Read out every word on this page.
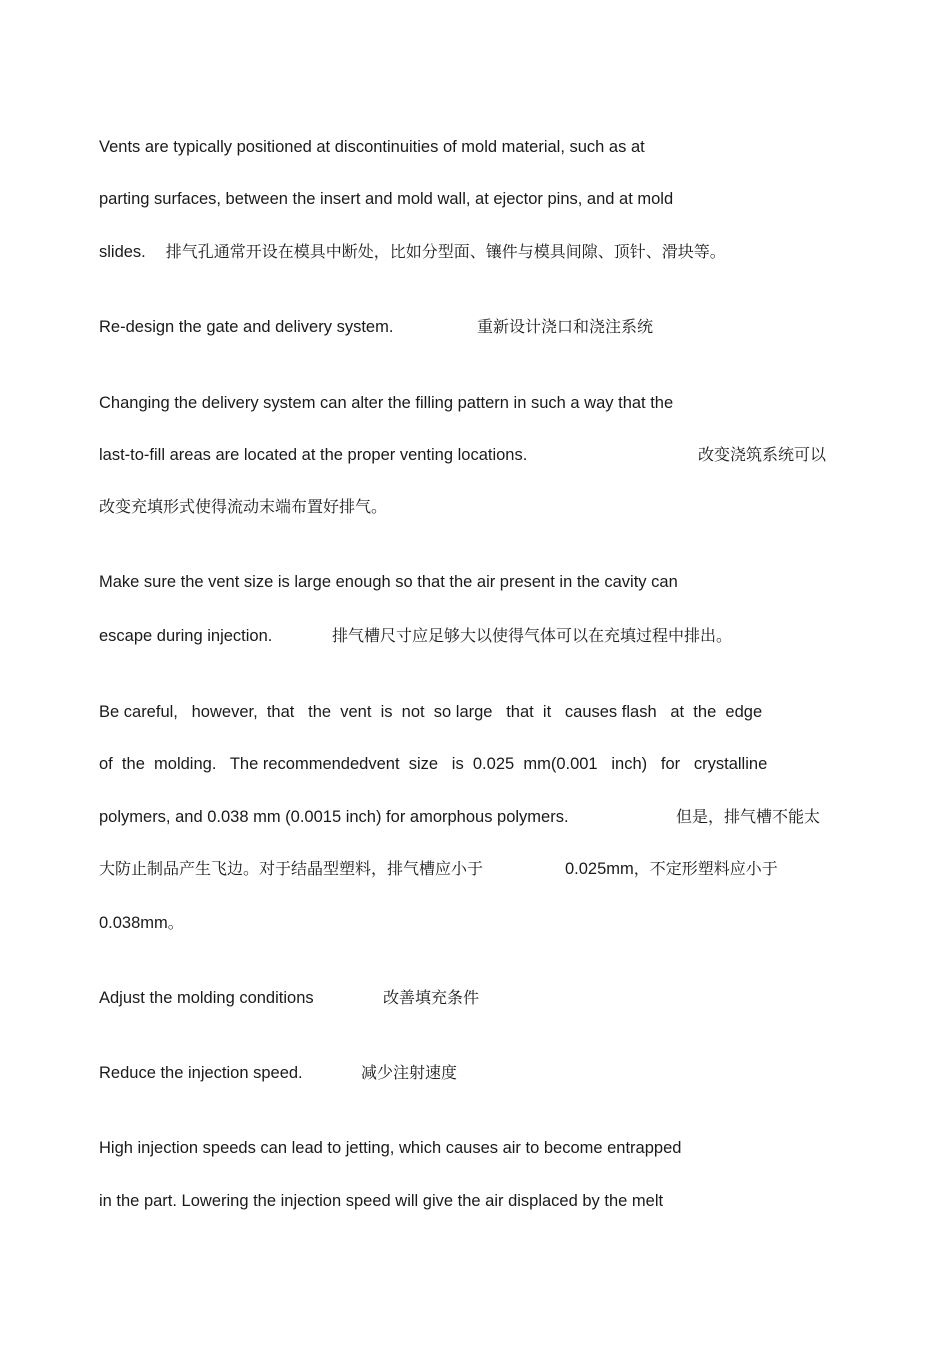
Vents are typically positioned at discontinuities of mold material, such as at
parting surfaces, between the insert and mold wall, at ejector pins, and at mold
slides. 排气孔通常开设在模具中断处，比如分型面、镶件与模具间隙、顶针、滑块等。
Re-design the gate and delivery system.	重新设计浇口和浇注系统
Changing the delivery system can alter the filling pattern in such a way that the
last-to-fill areas are located at the proper venting locations.	改变浇筑系统可以
改变充填形式使得流动末端布置好排气。
Make sure the vent size is large enough so that the air present in the cavity can
escape during injection.	排气槽尺寸应足够大以使得气体可以在充填过程中排出。
Be careful,   however,  that   the  vent  is  not  so large   that  it   causes flash   at  the  edge
of  the  molding.   The recommendedvent  size   is  0.025  mm(0.001   inch)   for   crystalline
polymers, and 0.038 mm (0.0015 inch) for amorphous polymers.	但是，排气槽不能太
大防止制品产生飞边。对于结晶型塑料，排气槽应小于	0.025mm，不定形塑料应小于
0.038mm。
Adjust the molding conditions	改善填充条件
Reduce the injection speed.	减少注射速度
High injection speeds can lead to jetting, which causes air to become entrapped
in the part. Lowering the injection speed will give the air displaced by the melt
